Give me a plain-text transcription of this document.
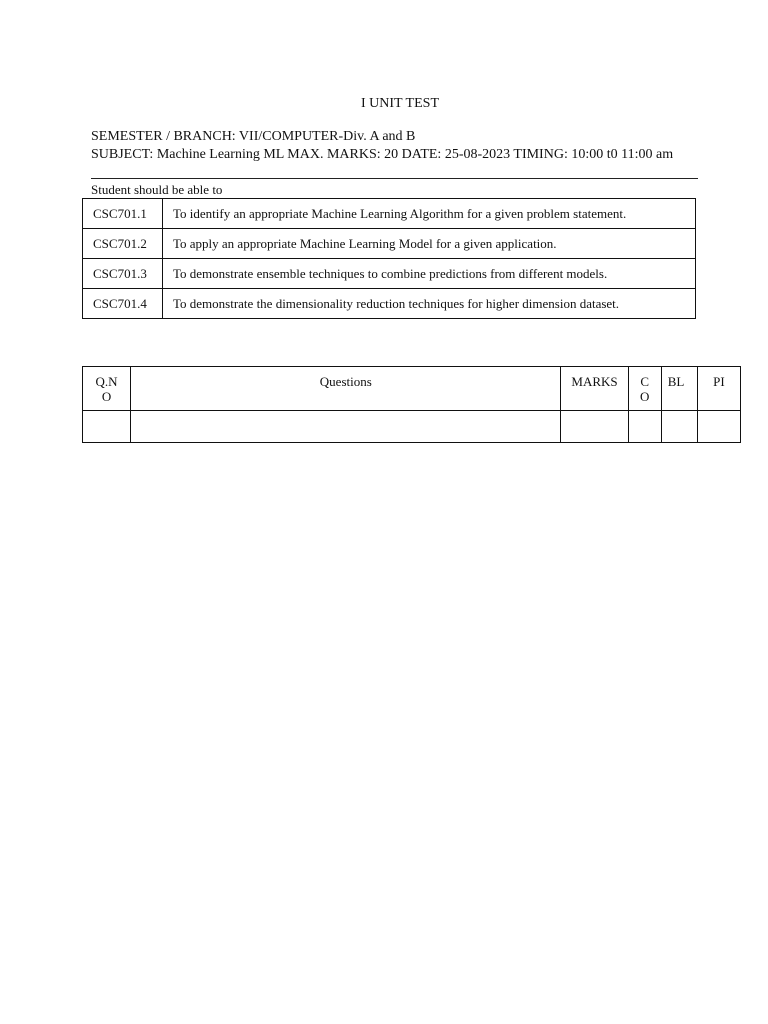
I UNIT TEST
SEMESTER / BRANCH: VII/COMPUTER-Div. A and B
SUBJECT: Machine Learning ML MAX. MARKS: 20 DATE: 25-08-2023 TIMING: 10:00 t0 11:00 am
Student should be able to
CSC701.1	To identify an appropriate Machine Learning Algorithm for a given problem statement.
CSC701.2	To apply an appropriate Machine Learning Model for a given application.
CSC701.3	To demonstrate ensemble techniques to combine predictions from different models.
CSC701.4	To demonstrate the dimensionality reduction techniques for higher dimension dataset.
Q.NO	Questions	MARKS	CO	BL	PI
